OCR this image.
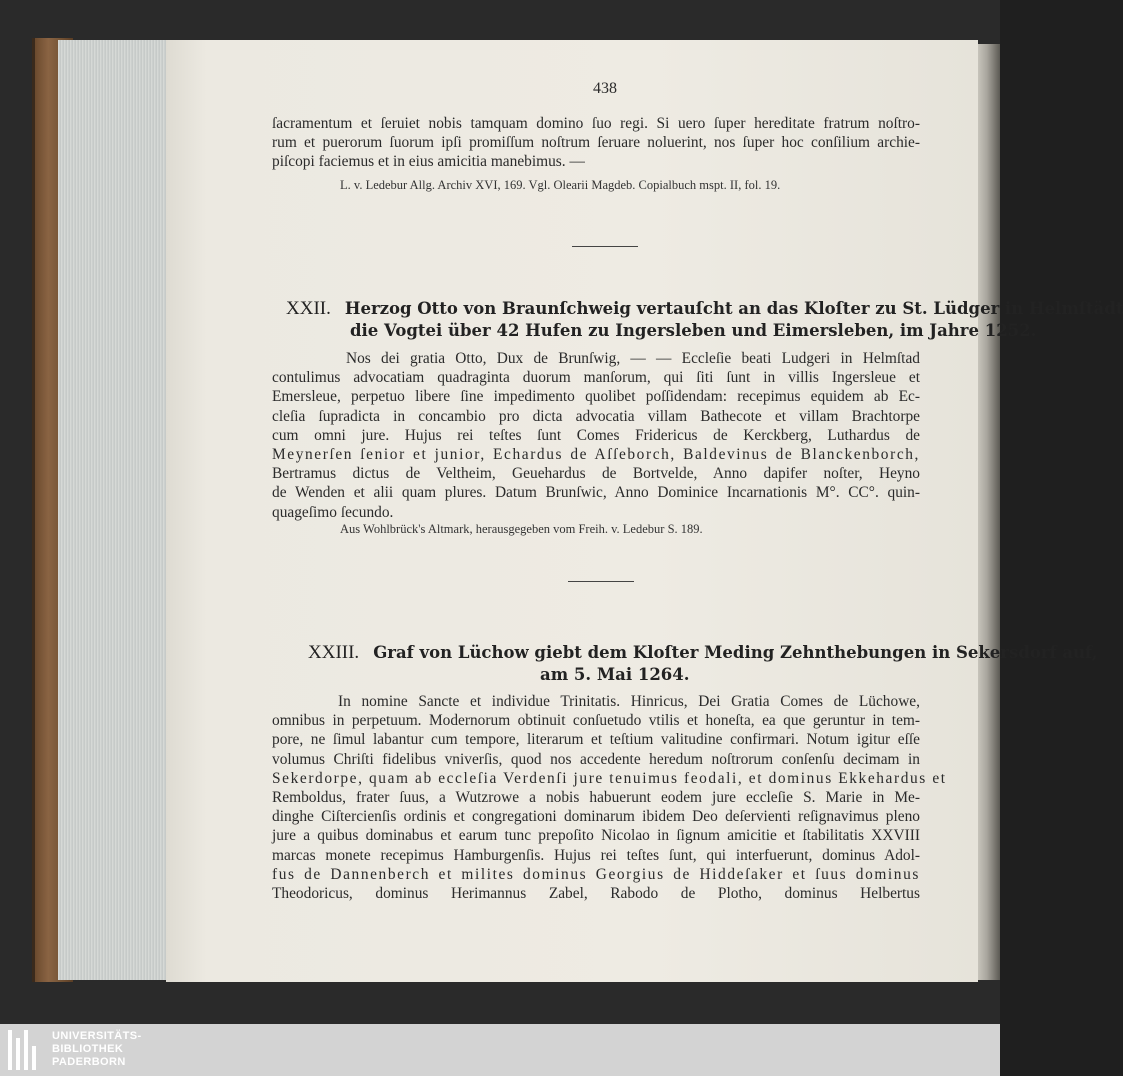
438
ſacramentum et ſeruiet nobis tamquam domino ſuo regi. Si uero ſuper hereditate fratrum noſtro-
rum et puerorum ſuorum ipſi promiſſum noſtrum ſeruare noluerint, nos ſuper hoc conſilium archie-
piſcopi faciemus et in eius amicitia manebimus. —
L. v. Ledebur Allg. Archiv XVI, 169. Vgl. Olearii Magdeb. Copialbuch mspt. II, fol. 19.
XXII. Herzog Otto von Braunſchweig vertauſcht an das Kloſter zu St. Lüdger in Helmſtädt
die Vogtei über 42 Hufen zu Ingersleben und Eimersleben, im Jahre 1252.
Nos dei gratia Otto, Dux de Brunſwig, — — Eccleſie beati Ludgeri in Helmſtad
contulimus advocatiam quadraginta duorum manſorum, qui ſiti ſunt in villis Ingersleue et
Emersleue, perpetuo libere ſine impedimento quolibet poſſidendam: recepimus equidem ab Ec-
cleſia ſupradicta in concambio pro dicta advocatia villam Bathecote et villam Brachtorpe
cum omni jure. Hujus rei teſtes ſunt Comes Fridericus de Kerckberg, Luthardus de
Meynerſen ſenior et junior, Echardus de Aſſeborch, Baldevinus de Blanckenborch,
Bertramus dictus de Veltheim, Geuehardus de Bortvelde, Anno dapifer noſter, Heyno
de Wenden et alii quam plures. Datum Brunſwic, Anno Dominice Incarnationis M°. CC°. quin-
quageſimo ſecundo.
Aus Wohlbrück's Altmark, herausgegeben vom Freih. v. Ledebur S. 189.
XXIII. Graf von Lüchow giebt dem Kloſter Meding Zehnthebungen in Sekersdorf auf,
am 5. Mai 1264.
In nomine Sancte et individue Trinitatis. Hinricus, Dei Gratia Comes de Lüchowe,
omnibus in perpetuum. Modernorum obtinuit conſuetudo vtilis et honeſta, ea que geruntur in tem-
pore, ne ſimul labantur cum tempore, literarum et teſtium valitudine confirmari. Notum igitur eſſe
volumus Chriſti fidelibus vniverſis, quod nos accedente heredum noſtrorum conſenſu decimam in
Sekerdorpe, quam ab eccleſia Verdenſi jure tenuimus feodali, et dominus Ekkehardus et
Remboldus, frater ſuus, a Wutzrowe a nobis habuerunt eodem jure eccleſie S. Marie in Me-
dinghe Ciſtercienſis ordinis et congregationi dominarum ibidem Deo deſervienti reſignavimus pleno
jure a quibus dominabus et earum tunc prepoſito Nicolao in ſignum amicitie et ſtabilitatis XXVIII
marcas monete recepimus Hamburgenſis. Hujus rei teſtes ſunt, qui interfuerunt, dominus Adol-
fus de Dannenberch et milites dominus Georgius de Hiddeſaker et ſuus dominus
Theodoricus, dominus Herimannus Zabel, Rabodo de Plotho, dominus Helbertus
UNIVERSITÄTS-
BIBLIOTHEK
PADERBORN
